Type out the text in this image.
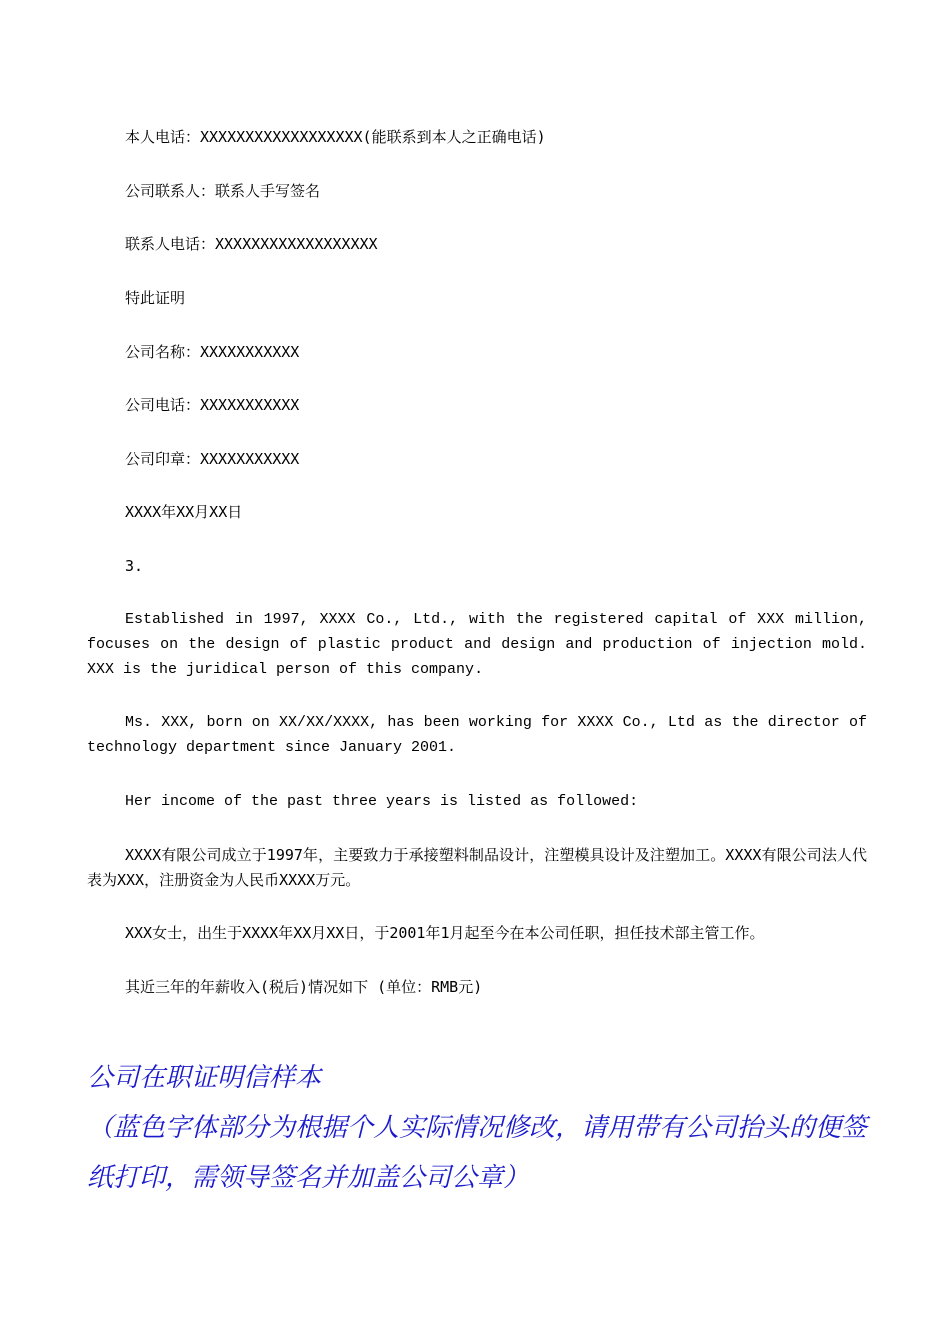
本人电话：XXXXXXXXXXXXXXXXXX(能联系到本人之正确电话)
公司联系人：联系人手写签名
联系人电话：XXXXXXXXXXXXXXXXXX
特此证明
公司名称：XXXXXXXXXXX
公司电话：XXXXXXXXXXX
公司印章：XXXXXXXXXXX
XXXX年XX月XX日
3.
Established in 1997, XXXX Co., Ltd., with the registered capital of XXX million, focuses on the design of plastic product and design and production of injection mold. XXX is the juridical person of this company.
Ms. XXX, born on XX/XX/XXXX, has been working for XXXX Co., Ltd as the director of technology department since January 2001.
Her income of the past three years is listed as followed:
XXXX有限公司成立于1997年，主要致力于承接塑料制品设计，注塑模具设计及注塑加工。XXXX有限公司法人代表为XXX，注册资金为人民币XXXX万元。
XXX女士，出生于XXXX年XX月XX日，于2001年1月起至今在本公司任职，担任技术部主管工作。
其近三年的年薪收入(税后)情况如下 (单位：RMB元)
公司在职证明信样本
（蓝色字体部分为根据个人实际情况修改，请用带有公司抬头的便签纸打印，需领导签名并加盖公司公章）
